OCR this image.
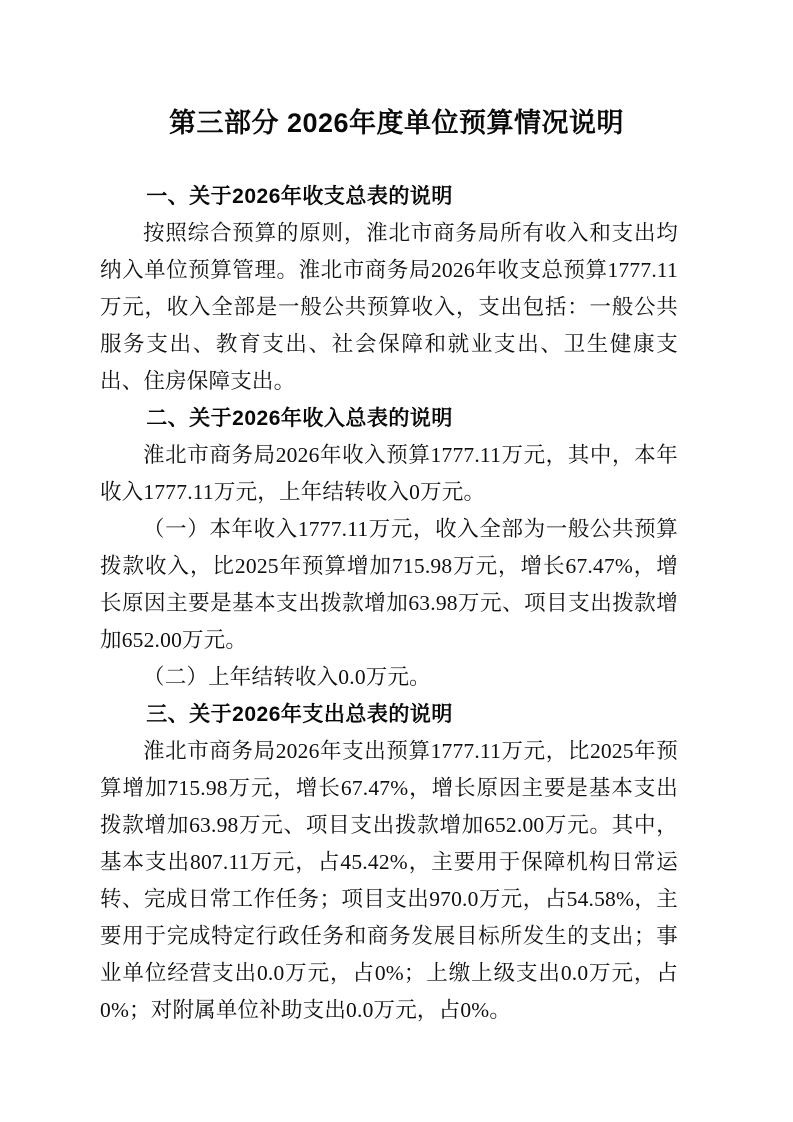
第三部分 2026年度单位预算情况说明
一、关于2026年收支总表的说明

按照综合预算的原则，淮北市商务局所有收入和支出均纳入单位预算管理。淮北市商务局2026年收支总预算1777.11万元，收入全部是一般公共预算收入，支出包括：一般公共服务支出、教育支出、社会保障和就业支出、卫生健康支出、住房保障支出。

二、关于2026年收入总表的说明

淮北市商务局2026年收入预算1777.11万元，其中，本年收入1777.11万元，上年结转收入0万元。

（一）本年收入1777.11万元，收入全部为一般公共预算拨款收入，比2025年预算增加715.98万元，增长67.47%，增长原因主要是基本支出拨款增加63.98万元、项目支出拨款增加652.00万元。

（二）上年结转收入0.0万元。

三、关于2026年支出总表的说明

淮北市商务局2026年支出预算1777.11万元，比2025年预算增加715.98万元，增长67.47%，增长原因主要是基本支出拨款增加63.98万元、项目支出拨款增加652.00万元。其中，基本支出807.11万元，占45.42%，主要用于保障机构日常运转、完成日常工作任务；项目支出970.0万元，占54.58%，主要用于完成特定行政任务和商务发展目标所发生的支出；事业单位经营支出0.0万元，占0%；上缴上级支出0.0万元，占0%；对附属单位补助支出0.0万元，占0%。
